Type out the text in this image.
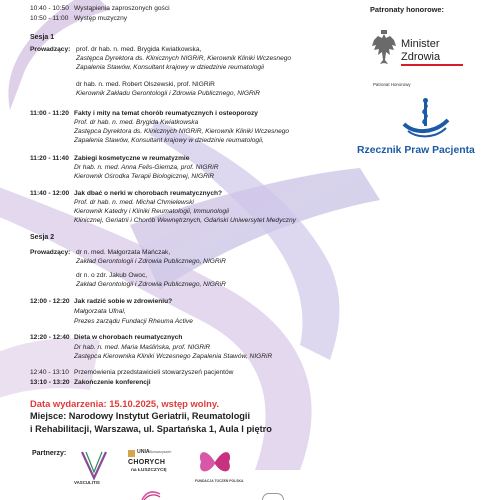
10:40 - 10:50 Wystąpienia zaproszonych gości
10:50 - 11:00 Występ muzyczny
Sesja 1
Prowadzący: prof. dr hab. n. med. Brygida Kwiatkowska,
Zastępca Dyrektora ds. Klinicznych NIGRiR, Kierownik Kliniki Wczesnego
Zapalenia Stawów, Konsultant krajowy w dziedzinie reumatologii
dr hab. n. med. Robert Olszewski, prof. NIGRiR
Kierownik Zakładu Gerontologii i Zdrowia Publicznego, NIGRiR
11:00 - 11:20 Fakty i mity na temat chorób reumatycznych i osteoporozy
Prof. dr hab. n. med. Brygida Kwiatkowska
Zastępca Dyrektora ds. Klinicznych NIGRiR, Kierownik Kliniki Wczesnego
Zapalenia Stawów, Konsultant krajowy w dziedzinie reumatologii,
11:20 - 11:40 Zabiegi kosmetyczne w reumatyzmie
Dr hab. n. med. Anna Felis-Giemza, prof. NIGRiR
Kierownik Ośrodka Terapii Biologicznej, NIGRiR
11:40 - 12:00 Jak dbać o nerki w chorobach reumatycznych?
Prof. dr hab. n. med. Michał Chmielewski
Kierownik Katedry i Kliniki Reumatologii, Immunologii
Klinicznej, Geriatrii i Chorób Wewnętrznych, Gdański Uniwersytet Medyczny
Sesja 2
Prowadzący: dr n. med. Małgorzata Mańczak,
Zakład Gerontologii i Zdrowia Publicznego, NIGRiR
dr n. o zdr. Jakub Owoc,
Zakład Gerontologii i Zdrowia Publicznego, NIGRiR
12:00 - 12:20 Jak radzić sobie w zdrowieniu?
Małgorzata Ufnal,
Prezes zarządu Fundacji Rheuma Active
12:20 - 12:40 Dieta w chorobach reumatycznych
Dr hab. n. med. Maria Maślińska, prof. NIGRiR
Zastępca Kierownika Kliniki Wczesnego Zapalenia Stawów, NIGRiR
12:40 - 13:10 Przemówienia przedstawicieli stowarzyszeń pacjentów
13:10 - 13:20 Zakończenie konferencji
Data wydarzenia: 15.10.2025, wstęp wolny.
Miejsce: Narodowy Instytut Geriatrii, Reumatologii
i Rehabilitacji, Warszawa, ul. Spartańska 1, Aula I piętro
Partnerzy:
VASCULITIS
UNIA Stowarzyszeń
CHORYCH
na ŁUSZCZYCĘ
FUNDACJA TOCZEŃ POLSKA
Patronaty honorowe:
Minister
Zdrowia
Patronat Honorowy
Rzecznik Praw Pacjenta
